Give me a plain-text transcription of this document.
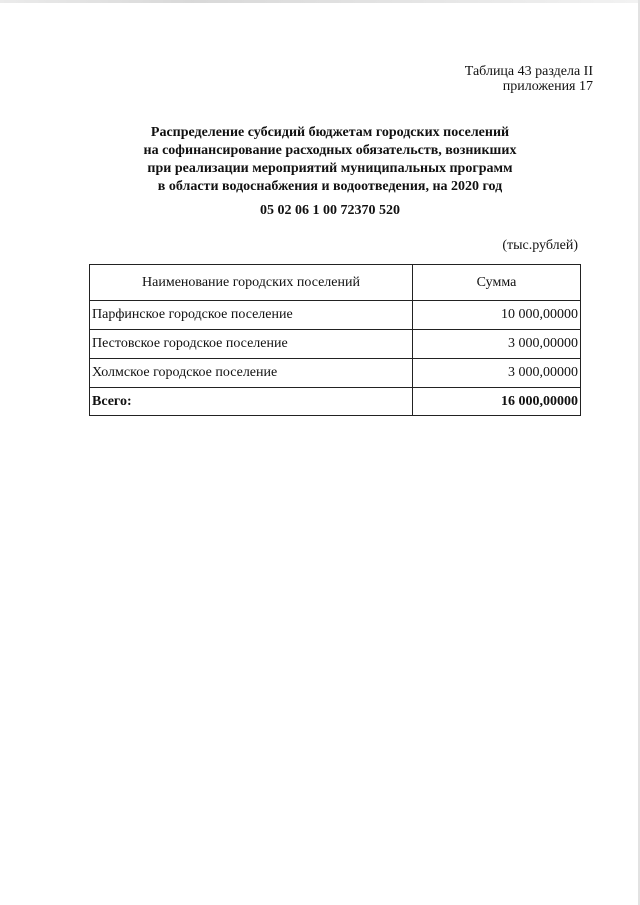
Таблица 43 раздела II
приложения 17
Распределение субсидий бюджетам городских поселений
на софинансирование расходных обязательств, возникших
при реализации мероприятий муниципальных программ
в области водоснабжения и водоотведения, на 2020 год
05 02 06 1 00 72370 520
(тыс.рублей)
Наименование городских поселений	Сумма
Парфинское городское поселение	10 000,00000
Пестовское городское поселение	3 000,00000
Холмское городское поселение	3 000,00000
Всего:	16 000,00000
